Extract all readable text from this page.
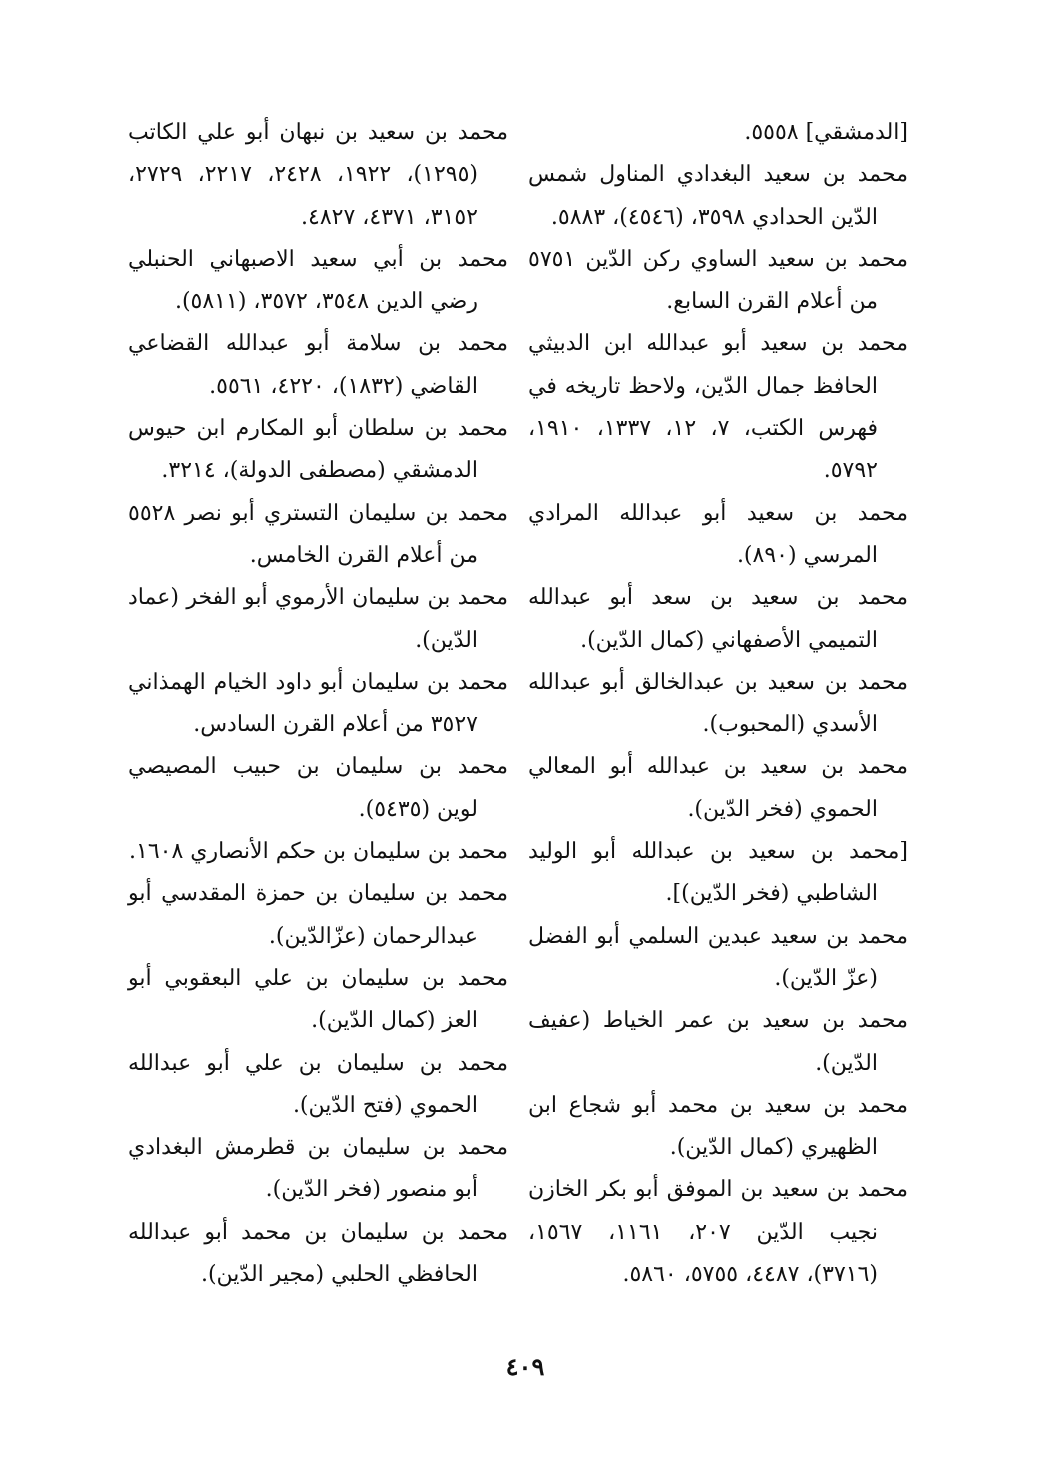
[الدمشقي] ٥٥٥٨.

محمد بن سعيد البغدادي المناول شمس الدّين الحدادي ٣٥٩٨، (٤٥٤٦)، ٥٨٨٣.

محمد بن سعيد الساوي ركن الدّين ٥٧٥١ من أعلام القرن السابع.

محمد بن سعيد أبو عبدالله ابن الدبيثي الحافظ جمال الدّين، ولاحظ تاريخه في فهرس الكتب، ٧، ١٢، ١٣٣٧، ١٩١٠، ٥٧٩٢.

محمد بن سعيد أبو عبدالله المرادي المرسي (٨٩٠).

محمد بن سعيد بن سعد أبو عبدالله التميمي الأصفهاني (كمال الدّين).

محمد بن سعيد بن عبدالخالق أبو عبدالله الأسدي (المحبوب).

محمد بن سعيد بن عبدالله أبو المعالي الحموي (فخر الدّين).

[محمد بن سعيد بن عبدالله أبو الوليد الشاطبي (فخر الدّين)].

محمد بن سعيد عبدين السلمي أبو الفضل (عزّ الدّين).

محمد بن سعيد بن عمر الخياط (عفيف الدّين).

محمد بن سعيد بن محمد أبو شجاع ابن الظهيري (كمال الدّين).

محمد بن سعيد بن الموفق أبو بكر الخازن نجيب الدّين ٢٠٧، ١١٦١، ١٥٦٧، (٣٧١٦)، ٤٤٨٧، ٥٧٥٥، ٥٨٦٠.

محمد بن سعيد بن نبهان أبو علي الكاتب (١٢٩٥)، ١٩٢٢، ٢٤٢٨، ٢٢١٧، ٢٧٢٩، ٣١٥٢، ٤٣٧١، ٤٨٢٧.

محمد بن أبي سعيد الاصبهاني الحنبلي رضي الدين ٣٥٤٨، ٣٥٧٢، (٥٨١١).

محمد بن سلامة أبو عبدالله القضاعي القاضي (١٨٣٢)، ٤٢٢٠، ٥٥٦١.

محمد بن سلطان أبو المكارم ابن حيوس الدمشقي (مصطفى الدولة)، ٣٢١٤.

محمد بن سليمان التستري أبو نصر ٥٥٢٨ من أعلام القرن الخامس.

محمد بن سليمان الأرموي أبو الفخر (عماد الدّين).

محمد بن سليمان أبو داود الخيام الهمذاني ٣٥٢٧ من أعلام القرن السادس.

محمد بن سليمان بن حبيب المصيصي لوين (٥٤٣٥).

محمد بن سليمان بن حكم الأنصاري ١٦٠٨.

محمد بن سليمان بن حمزة المقدسي أبو عبدالرحمان (عزّالدّين).

محمد بن سليمان بن علي البعقوبي أبو العز (كمال الدّين).

محمد بن سليمان بن علي أبو عبدالله الحموي (فتح الدّين).

محمد بن سليمان بن قطرمش البغدادي أبو منصور (فخر الدّين).

محمد بن سليمان بن محمد أبو عبدالله الحافظي الحلبي (مجير الدّين).

٤٠٩
